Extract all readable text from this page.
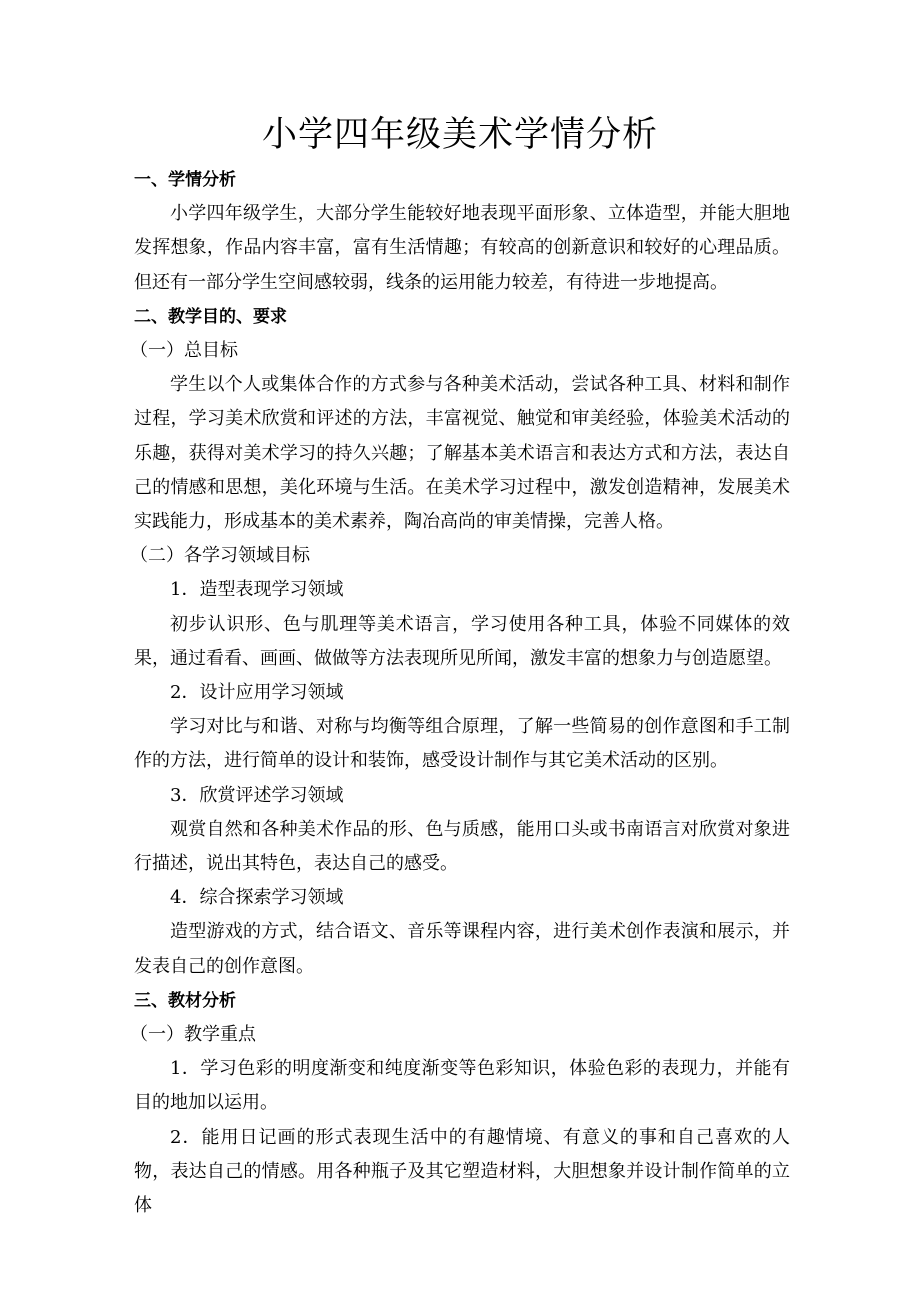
小学四年级美术学情分析
一、学情分析
小学四年级学生，大部分学生能较好地表现平面形象、立体造型，并能大胆地发挥想象，作品内容丰富，富有生活情趣；有较高的创新意识和较好的心理品质。但还有一部分学生空间感较弱，线条的运用能力较差，有待进一步地提高。
二、教学目的、要求
（一）总目标
学生以个人或集体合作的方式参与各种美术活动，尝试各种工具、材料和制作过程，学习美术欣赏和评述的方法，丰富视觉、触觉和审美经验，体验美术活动的乐趣，获得对美术学习的持久兴趣；了解基本美术语言和表达方式和方法，表达自己的情感和思想，美化环境与生活。在美术学习过程中，激发创造精神，发展美术实践能力，形成基本的美术素养，陶冶高尚的审美情操，完善人格。
（二）各学习领域目标
1．造型表现学习领域
初步认识形、色与肌理等美术语言，学习使用各种工具，体验不同媒体的效果，通过看看、画画、做做等方法表现所见所闻，激发丰富的想象力与创造愿望。
2．设计应用学习领域
学习对比与和谐、对称与均衡等组合原理，了解一些简易的创作意图和手工制作的方法，进行简单的设计和装饰，感受设计制作与其它美术活动的区别。
3．欣赏评述学习领域
观赏自然和各种美术作品的形、色与质感，能用口头或书南语言对欣赏对象进行描述，说出其特色，表达自己的感受。
4．综合探索学习领域
造型游戏的方式，结合语文、音乐等课程内容，进行美术创作表演和展示，并发表自己的创作意图。
三、教材分析
（一）教学重点
1．学习色彩的明度渐变和纯度渐变等色彩知识，体验色彩的表现力，并能有目的地加以运用。
2．能用日记画的形式表现生活中的有趣情境、有意义的事和自己喜欢的人物，表达自己的情感。用各种瓶子及其它塑造材料，大胆想象并设计制作简单的立体
